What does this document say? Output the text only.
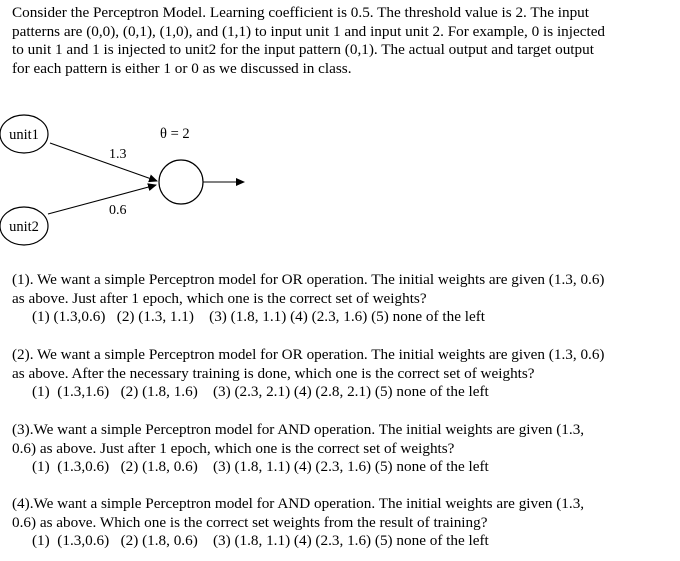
Consider the Perceptron Model. Learning coefficient is 0.5. The threshold value is 2. The input
patterns are (0,0), (0,1), (1,0), and (1,1) to input unit 1 and input unit 2. For example, 0 is injected
to unit 1 and 1 is injected to unit2 for the input pattern (0,1). The actual output and target output
for each pattern is either 1 or 0 as we discussed in class.
unit1
unit2
1.3
0.6
θ = 2
(1). We want a simple Perceptron model for OR operation. The initial weights are given (1.3, 0.6)
as above. Just after 1 epoch, which one is the correct set of weights?
(1) (1.3,0.6)   (2) (1.3, 1.1)    (3) (1.8, 1.1) (4) (2.3, 1.6) (5) none of the left
(2). We want a simple Perceptron model for OR operation. The initial weights are given (1.3, 0.6)
as above. After the necessary training is done, which one is the correct set of weights?
(1)  (1.3,1.6)   (2) (1.8, 1.6)    (3) (2.3, 2.1) (4) (2.8, 2.1) (5) none of the left
(3).We want a simple Perceptron model for AND operation. The initial weights are given (1.3,
0.6) as above. Just after 1 epoch, which one is the correct set of weights?
(1)  (1.3,0.6)   (2) (1.8, 0.6)    (3) (1.8, 1.1) (4) (2.3, 1.6) (5) none of the left
(4).We want a simple Perceptron model for AND operation. The initial weights are given (1.3,
0.6) as above. Which one is the correct set weights from the result of training?
(1)  (1.3,0.6)   (2) (1.8, 0.6)    (3) (1.8, 1.1) (4) (2.3, 1.6) (5) none of the left
